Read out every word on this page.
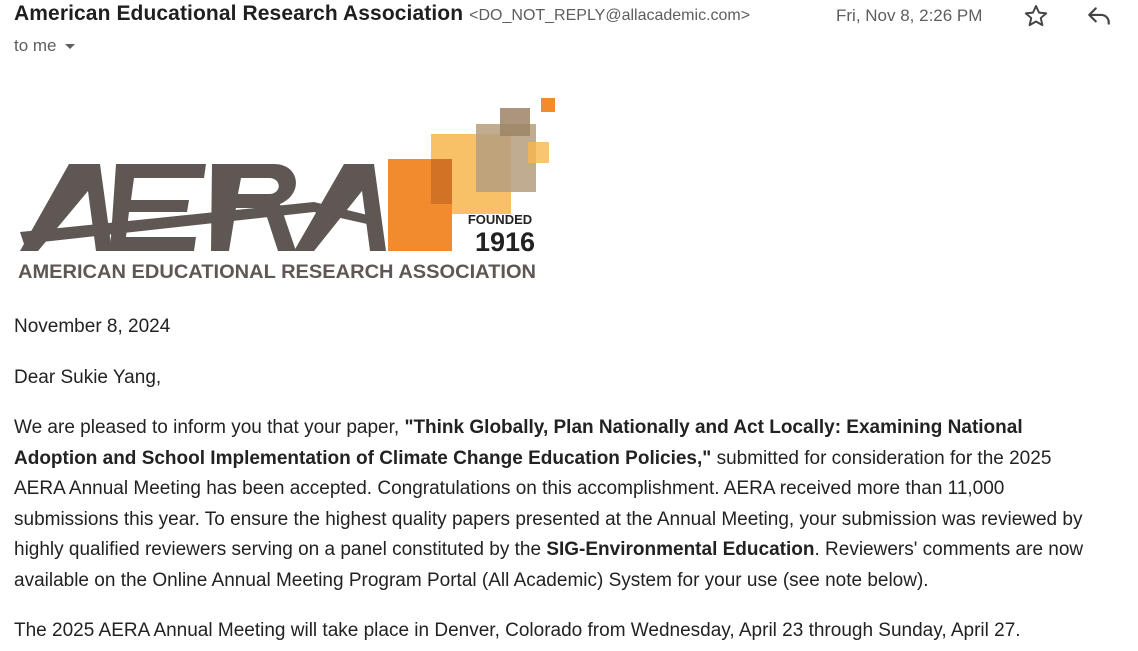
American Educational Research Association <DO_NOT_REPLY@allacademic.com>	Fri, Nov 8, 2:26 PM
to me
FOUNDED
1916
AMERICAN EDUCATIONAL RESEARCH ASSOCIATION

November 8, 2024

Dear Sukie Yang,

We are pleased to inform you that your paper, "Think Globally, Plan Nationally and Act Locally: Examining National
Adoption and School Implementation of Climate Change Education Policies," submitted for consideration for the 2025
AERA Annual Meeting has been accepted. Congratulations on this accomplishment. AERA received more than 11,000
submissions this year. To ensure the highest quality papers presented at the Annual Meeting, your submission was reviewed by
highly qualified reviewers serving on a panel constituted by the SIG-Environmental Education. Reviewers' comments are now
available on the Online Annual Meeting Program Portal (All Academic) System for your use (see note below).

The 2025 AERA Annual Meeting will take place in Denver, Colorado from Wednesday, April 23 through Sunday, April 27.
